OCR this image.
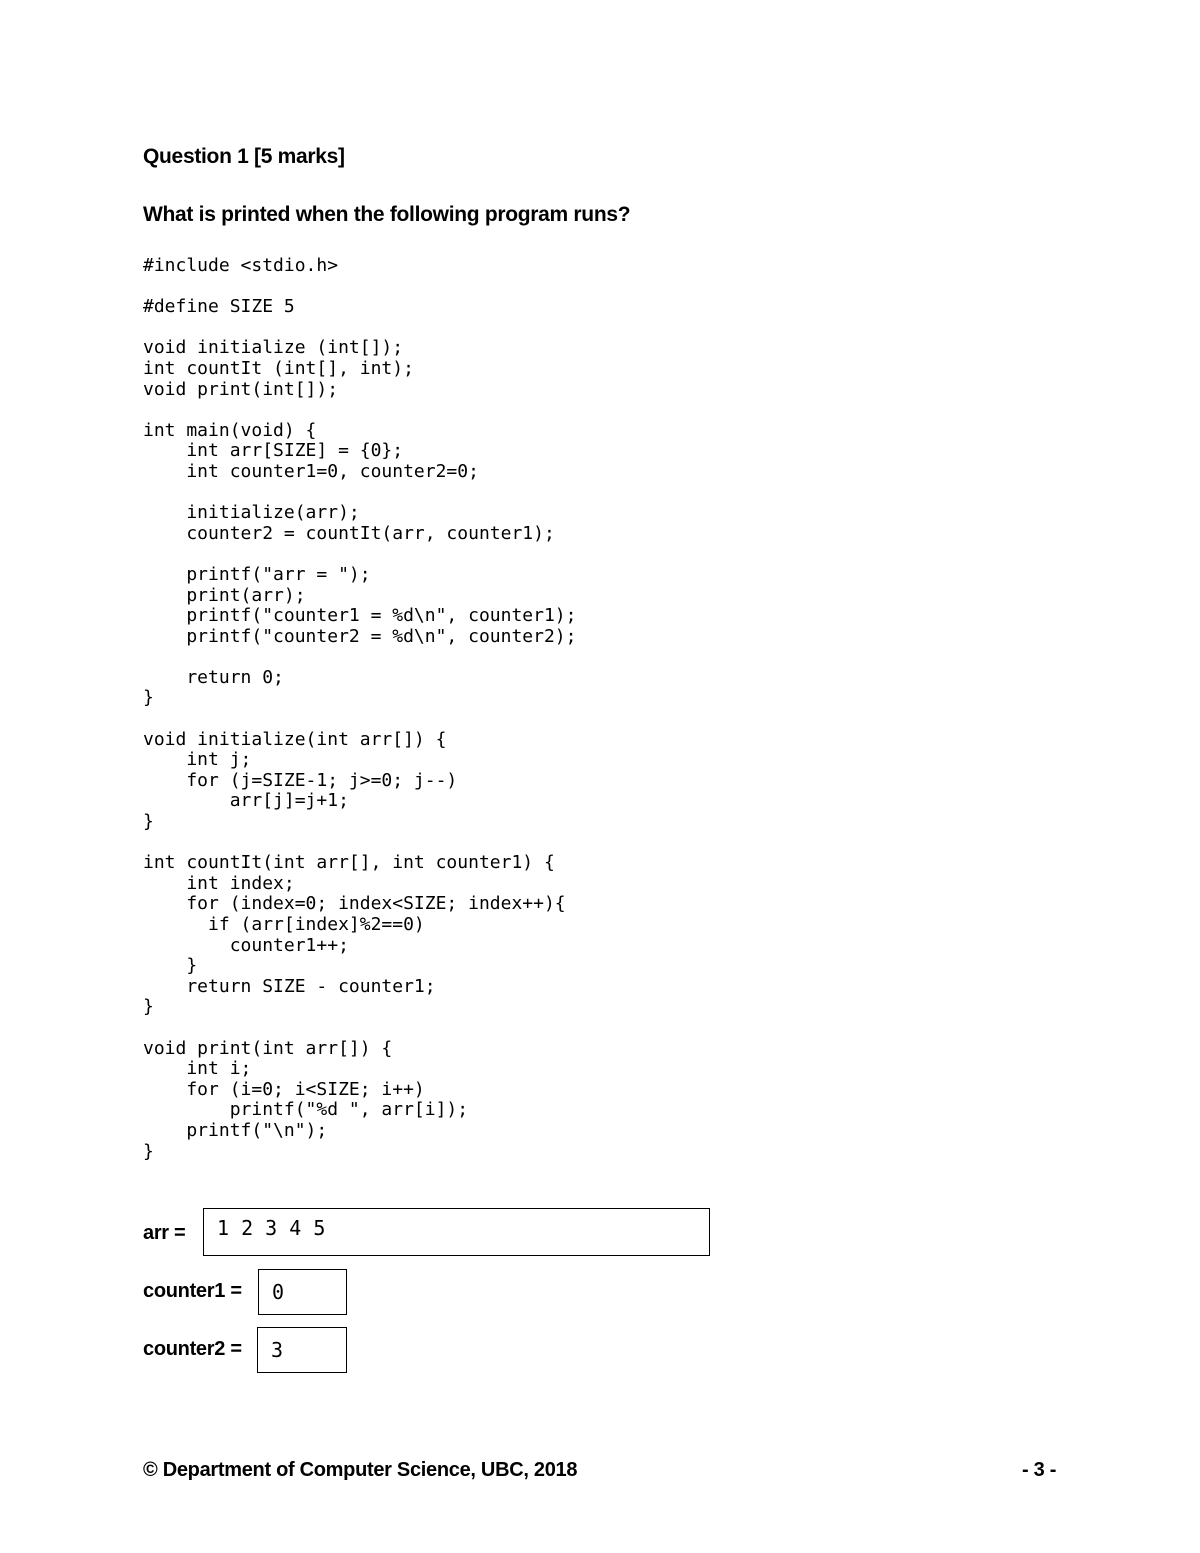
Question 1 [5 marks]

What is printed when the following program runs?

#include <stdio.h>
#define SIZE 5
void initialize (int[]);
int countIt (int[], int);
void print(int[]);
int main(void) {
int arr[SIZE] = {0};
int counter1=0, counter2=0;
initialize(arr);
counter2 = countIt(arr, counter1);
printf("arr = ");
print(arr);
printf("counter1 = %d\n", counter1);
printf("counter2 = %d\n", counter2);
return 0;
}
void initialize(int arr[]) {
int j;
for (j=SIZE-1; j>=0; j--)
arr[j]=j+1;
}
int countIt(int arr[], int counter1) {
int index;
for (index=0; index<SIZE; index++){
if (arr[index]%2==0)
counter1++;
}
return SIZE - counter1;
}
void print(int arr[]) {
int i;
for (i=0; i<SIZE; i++)
printf("%d ", arr[i]);
printf("\n");
}
arr =	1 2 3 4 5
counter1 =	0
counter2 =	3
© Department of Computer Science, UBC, 2018	- 3 -
